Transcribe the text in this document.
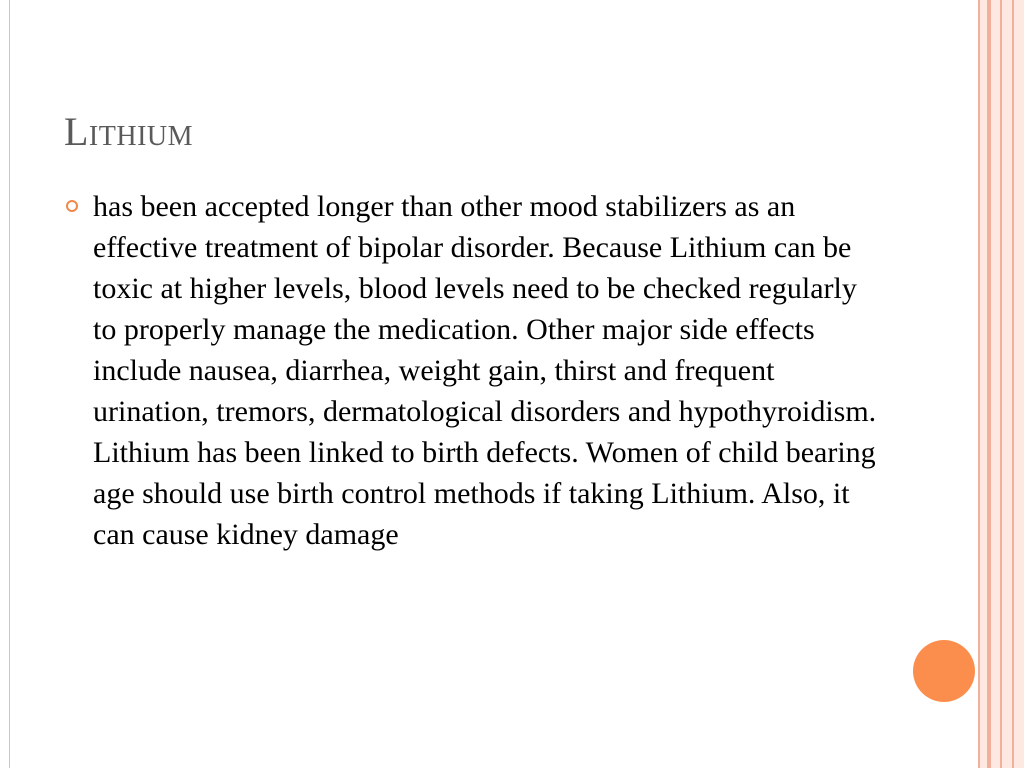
Lithium
has been accepted longer than other mood stabilizers as an effective treatment of bipolar disorder. Because Lithium can be toxic at higher levels, blood levels need to be checked regularly to properly manage the medication. Other major side effects include nausea, diarrhea, weight gain, thirst and frequent urination, tremors, dermatological disorders and hypothyroidism. Lithium has been linked to birth defects. Women of child bearing age should use birth control methods if taking Lithium. Also, it can cause kidney damage
